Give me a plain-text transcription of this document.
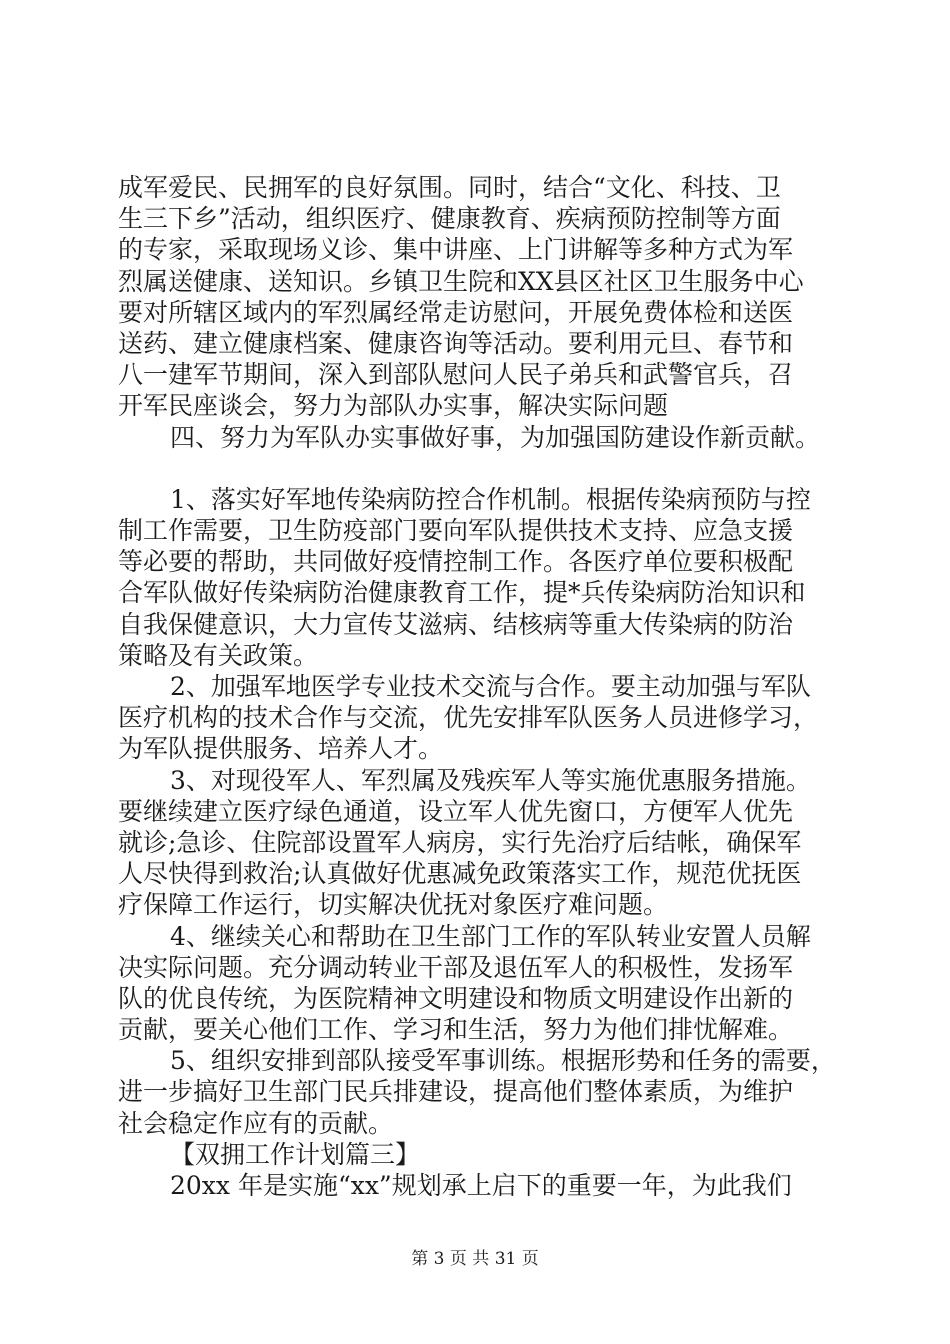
成军爱民、民拥军的良好氛围。同时，结合“文化、科技、卫
生三下乡”活动，组织医疗、健康教育、疾病预防控制等方面
的专家，采取现场义诊、集中讲座、上门讲解等多种方式为军
烈属送健康、送知识。乡镇卫生院和XX县区社区卫生服务中心
要对所辖区域内的军烈属经常走访慰问，开展免费体检和送医
送药、建立健康档案、健康咨询等活动。要利用元旦、春节和
八一建军节期间，深入到部队慰问人民子弟兵和武警官兵，召
开军民座谈会，努力为部队办实事，解决实际问题
四、努力为军队办实事做好事，为加强国防建设作新贡献。
1、落实好军地传染病防控合作机制。根据传染病预防与控
制工作需要，卫生防疫部门要向军队提供技术支持、应急支援
等必要的帮助，共同做好疫情控制工作。各医疗单位要积极配
合军队做好传染病防治健康教育工作，提*兵传染病防治知识和
自我保健意识，大力宣传艾滋病、结核病等重大传染病的防治
策略及有关政策。
2、加强军地医学专业技术交流与合作。要主动加强与军队
医疗机构的技术合作与交流，优先安排军队医务人员进修学习，
为军队提供服务、培养人才。
3、对现役军人、军烈属及残疾军人等实施优惠服务措施。
要继续建立医疗绿色通道，设立军人优先窗口，方便军人优先
就诊;急诊、住院部设置军人病房，实行先治疗后结帐，确保军
人尽快得到救治;认真做好优惠减免政策落实工作，规范优抚医
疗保障工作运行，切实解决优抚对象医疗难问题。
4、继续关心和帮助在卫生部门工作的军队转业安置人员解
决实际问题。充分调动转业干部及退伍军人的积极性，发扬军
队的优良传统，为医院精神文明建设和物质文明建设作出新的
贡献，要关心他们工作、学习和生活，努力为他们排忧解难。
5、组织安排到部队接受军事训练。根据形势和任务的需要，
进一步搞好卫生部门民兵排建设，提高他们整体素质，为维护
社会稳定作应有的贡献。
【双拥工作计划篇三】
20xx 年是实施“xx”规划承上启下的重要一年，为此我们
第 3 页 共 31 页
